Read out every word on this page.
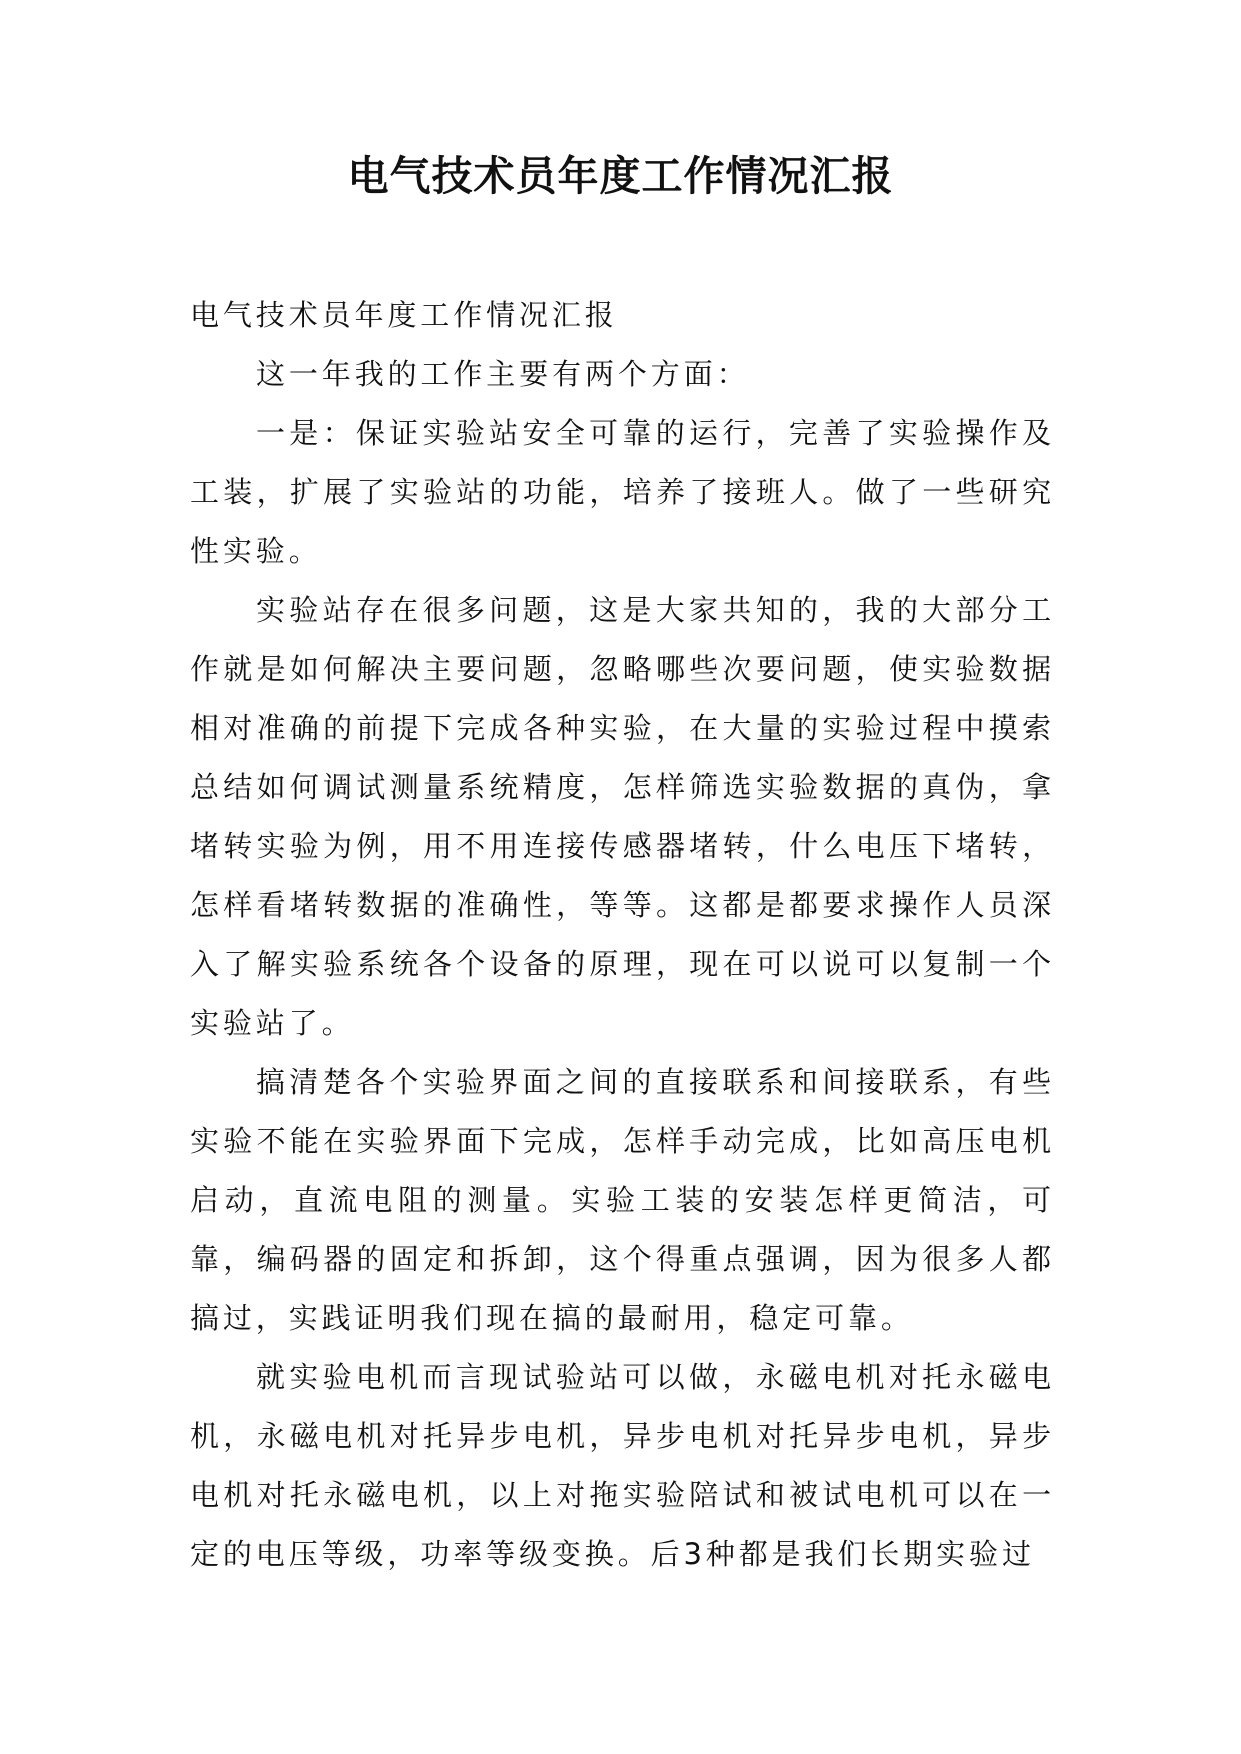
电气技术员年度工作情况汇报

电气技术员年度工作情况汇报

这一年我的工作主要有两个方面：

一是：保证实验站安全可靠的运行，完善了实验操作及工装，扩展了实验站的功能，培养了接班人。做了一些研究性实验。

实验站存在很多问题，这是大家共知的，我的大部分工作就是如何解决主要问题，忽略哪些次要问题，使实验数据相对准确的前提下完成各种实验，在大量的实验过程中摸索总结如何调试测量系统精度，怎样筛选实验数据的真伪，拿堵转实验为例，用不用连接传感器堵转，什么电压下堵转，怎样看堵转数据的准确性，等等。这都是都要求操作人员深入了解实验系统各个设备的原理，现在可以说可以复制一个实验站了。

搞清楚各个实验界面之间的直接联系和间接联系，有些实验不能在实验界面下完成，怎样手动完成，比如高压电机启动，直流电阻的测量。实验工装的安装怎样更简洁，可靠，编码器的固定和拆卸，这个得重点强调，因为很多人都搞过，实践证明我们现在搞的最耐用，稳定可靠。

就实验电机而言现试验站可以做，永磁电机对托永磁电机，永磁电机对托异步电机，异步电机对托异步电机，异步电机对托永磁电机，以上对拖实验陪试和被试电机可以在一定的电压等级，功率等级变换。后3种都是我们长期实验过
